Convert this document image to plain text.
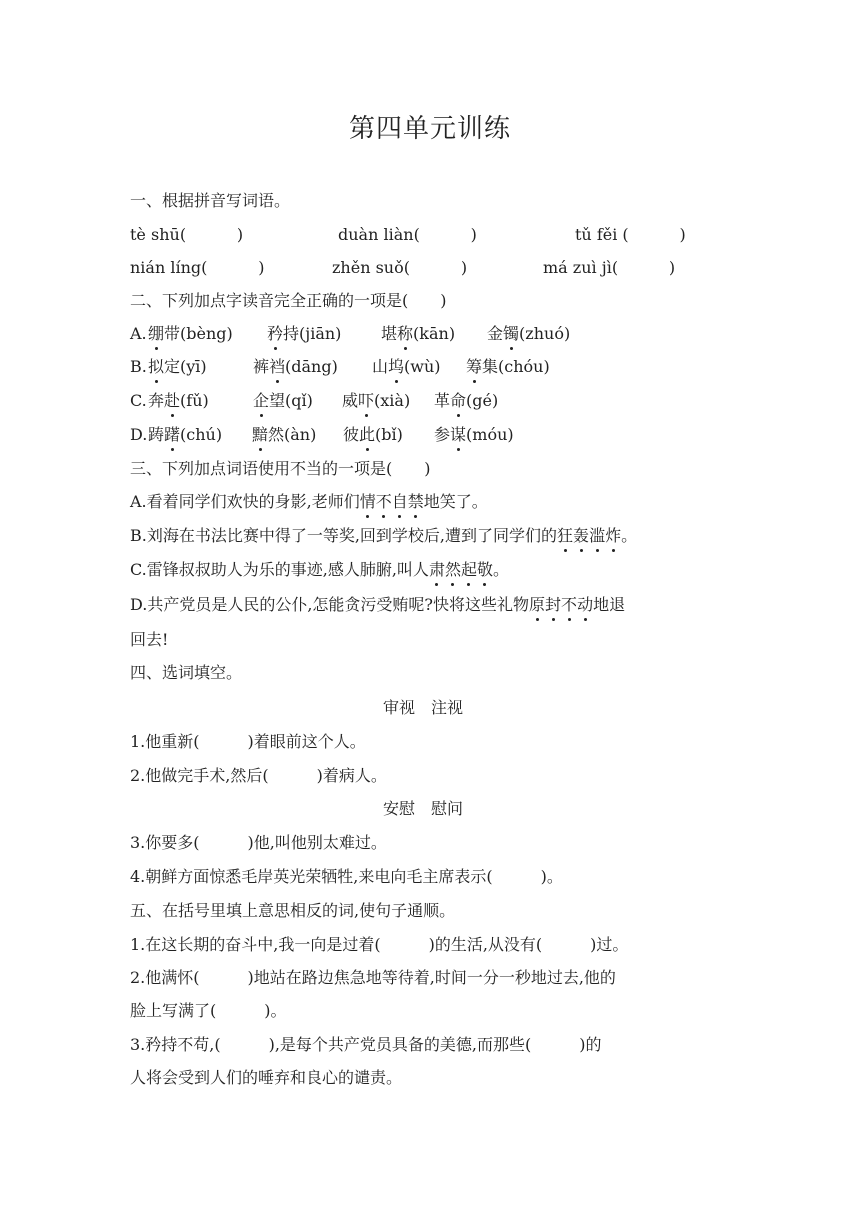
第四单元训练
一、根据拼音写词语。
tè shū(          )	duàn liàn(          )	tǔ fěi (          )
nián líng(          )	zhěn suǒ(          )	má zuì jì(          )
二、下列加点字读音完全正确的一项是(　　)
A. 绷带(bèng) 矜持(jiān) 堪称(kān) 金镯(zhuó)
B. 拟定(yī)	裤裆(dāng) 山坞(wù) 筹集(chóu)
C. 奔赴(fǔ)	企望(qǐ) 威吓(xià) 革命(gé)
D. 踌躇(chú) 黯然(àn) 彼此(bǐ) 参谋(móu)
三、下列加点词语使用不当的一项是(　　)
A.看着同学们欢快的身影,老师们情不自禁地笑了。
B.刘海在书法比赛中得了一等奖,回到学校后,遭到了同学们的狂轰滥炸。
C.雷锋叔叔助人为乐的事迹,感人肺腑,叫人肃然起敬。
D.共产党员是人民的公仆,怎能贪污受贿呢?快将这些礼物原封不动地退
回去!
四、选词填空。
审视　注视
1.他重新(　　　)着眼前这个人。
2.他做完手术,然后(　　　)着病人。
安慰　慰问
3.你要多(　　　)他,叫他别太难过。
4.朝鲜方面惊悉毛岸英光荣牺牲,来电向毛主席表示(　　　)。
五、在括号里填上意思相反的词,使句子通顺。
1.在这长期的奋斗中,我一向是过着(　　　)的生活,从没有(　　　)过。
2.他满怀(　　　)地站在路边焦急地等待着,时间一分一秒地过去,他的
脸上写满了(　　　)。
3.矜持不苟,(　　　),是每个共产党员具备的美德,而那些(　　　)的
人将会受到人们的唾弃和良心的谴责。
